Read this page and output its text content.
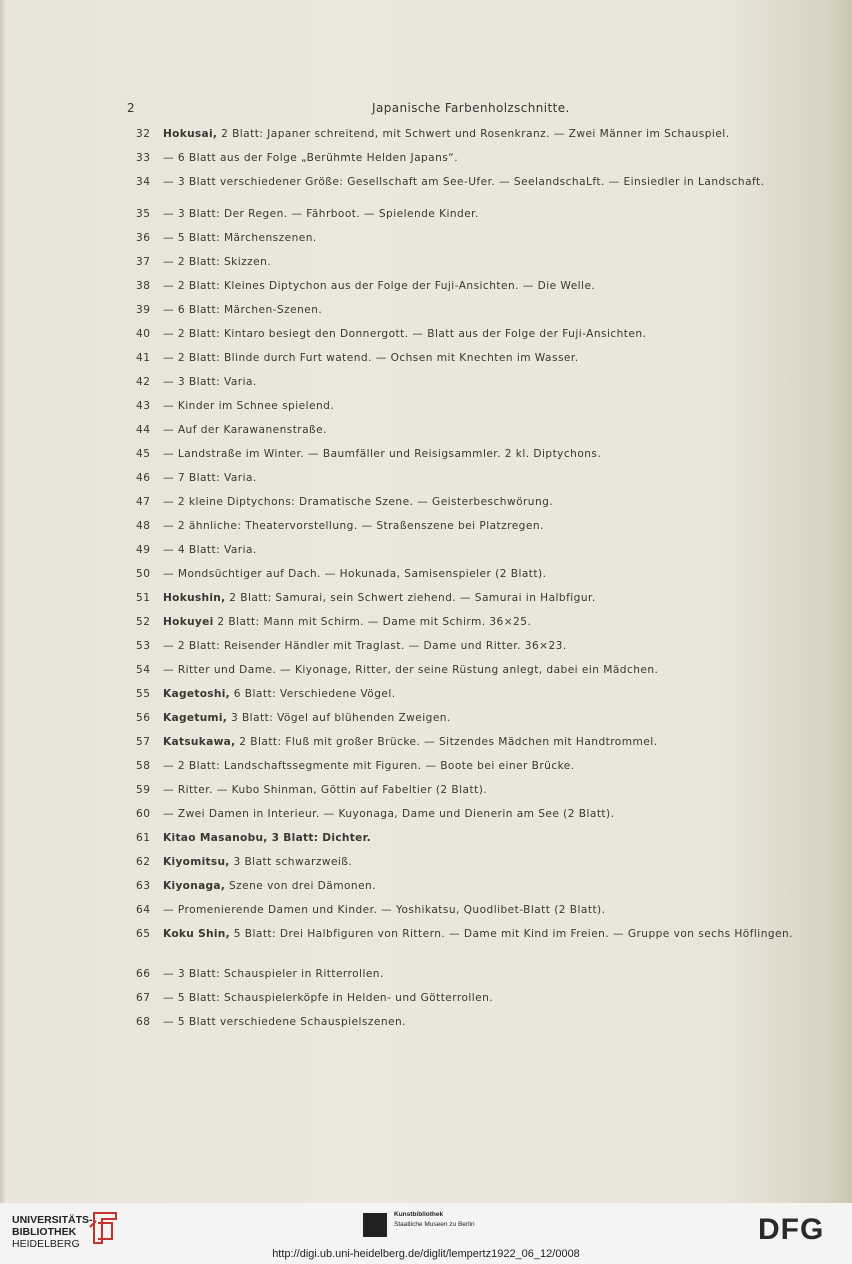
2	Japanische Farbenholzschnitte.
32	Hokusai, 2 Blatt: Japaner schreitend, mit Schwert und Rosenkranz. — Zwei Männer im Schauspiel.
33	— 6 Blatt aus der Folge „Berühmte Helden Japans“.
34	— 3 Blatt verschiedener Größe: Gesellschaft am See-Ufer. — SeelandschaLft. — Einsiedler in Landschaft.
35	— 3 Blatt: Der Regen. — Fährboot. — Spielende Kinder.
36	— 5 Blatt: Märchenszenen.
37	— 2 Blatt: Skizzen.
38	— 2 Blatt: Kleines Diptychon aus der Folge der Fuji-Ansichten. — Die Welle.
39	— 6 Blatt: Märchen-Szenen.
40	— 2 Blatt: Kintaro besiegt den Donnergott. — Blatt aus der Folge der Fuji-Ansichten.
41	— 2 Blatt: Blinde durch Furt watend. — Ochsen mit Knechten im Wasser.
42	— 3 Blatt: Varia.
43	— Kinder im Schnee spielend.
44	— Auf der Karawanenstraße.
45	— Landstraße im Winter. — Baumfäller und Reisigsammler. 2 kl. Diptychons.
46	— 7 Blatt: Varia.
47	— 2 kleine Diptychons: Dramatische Szene. — Geisterbeschwörung.
48	— 2 ähnliche: Theatervorstellung. — Straßenszene bei Platzregen.
49	— 4 Blatt: Varia.
50	— Mondsüchtiger auf Dach. — Hokunada, Samisenspieler (2 Blatt).
51	Hokushin, 2 Blatt: Samurai, sein Schwert ziehend. — Samurai in Halbfigur.
52	Hokuyei 2 Blatt: Mann mit Schirm. — Dame mit Schirm. 36×25.
53	— 2 Blatt: Reisender Händler mit Traglast. — Dame und Ritter. 36×23.
54	— Ritter und Dame. — Kiyonage, Ritter, der seine Rüstung anlegt, dabei ein Mädchen.
55	Kagetoshi, 6 Blatt: Verschiedene Vögel.
56	Kagetumi, 3 Blatt: Vögel auf blühenden Zweigen.
57	Katsukawa, 2 Blatt: Fluß mit großer Brücke. — Sitzendes Mädchen mit Handtrommel.
58	— 2 Blatt: Landschaftssegmente mit Figuren. — Boote bei einer Brücke.
59	— Ritter. — Kubo Shinman, Göttin auf Fabeltier (2 Blatt).
60	— Zwei Damen in Interieur. — Kuyonaga, Dame und Dienerin am See (2 Blatt).
61	Kitao Masanobu, 3 Blatt: Dichter.
62	Kiyomitsu, 3 Blatt schwarzweiß.
63	Kiyonaga, Szene von drei Dämonen.
64	— Promenierende Damen und Kinder. — Yoshikatsu, Quodlibet-Blatt (2 Blatt).
65	Koku Shin, 5 Blatt: Drei Halbfiguren von Rittern. — Dame mit Kind im Freien. — Gruppe von sechs Höflingen.
66	— 3 Blatt: Schauspieler in Ritterrollen.
67	— 5 Blatt: Schauspielerköpfe in Helden- und Götterrollen.
68	— 5 Blatt verschiedene Schauspielszenen.
UNIVERSITÄTS-
BIBLIOTHEK
HEIDELBERG
Kunstbibliothek
Staatliche Museen zu Berlin	DFG
http://digi.ub.uni-heidelberg.de/diglit/lempertz1922_06_12/0008
